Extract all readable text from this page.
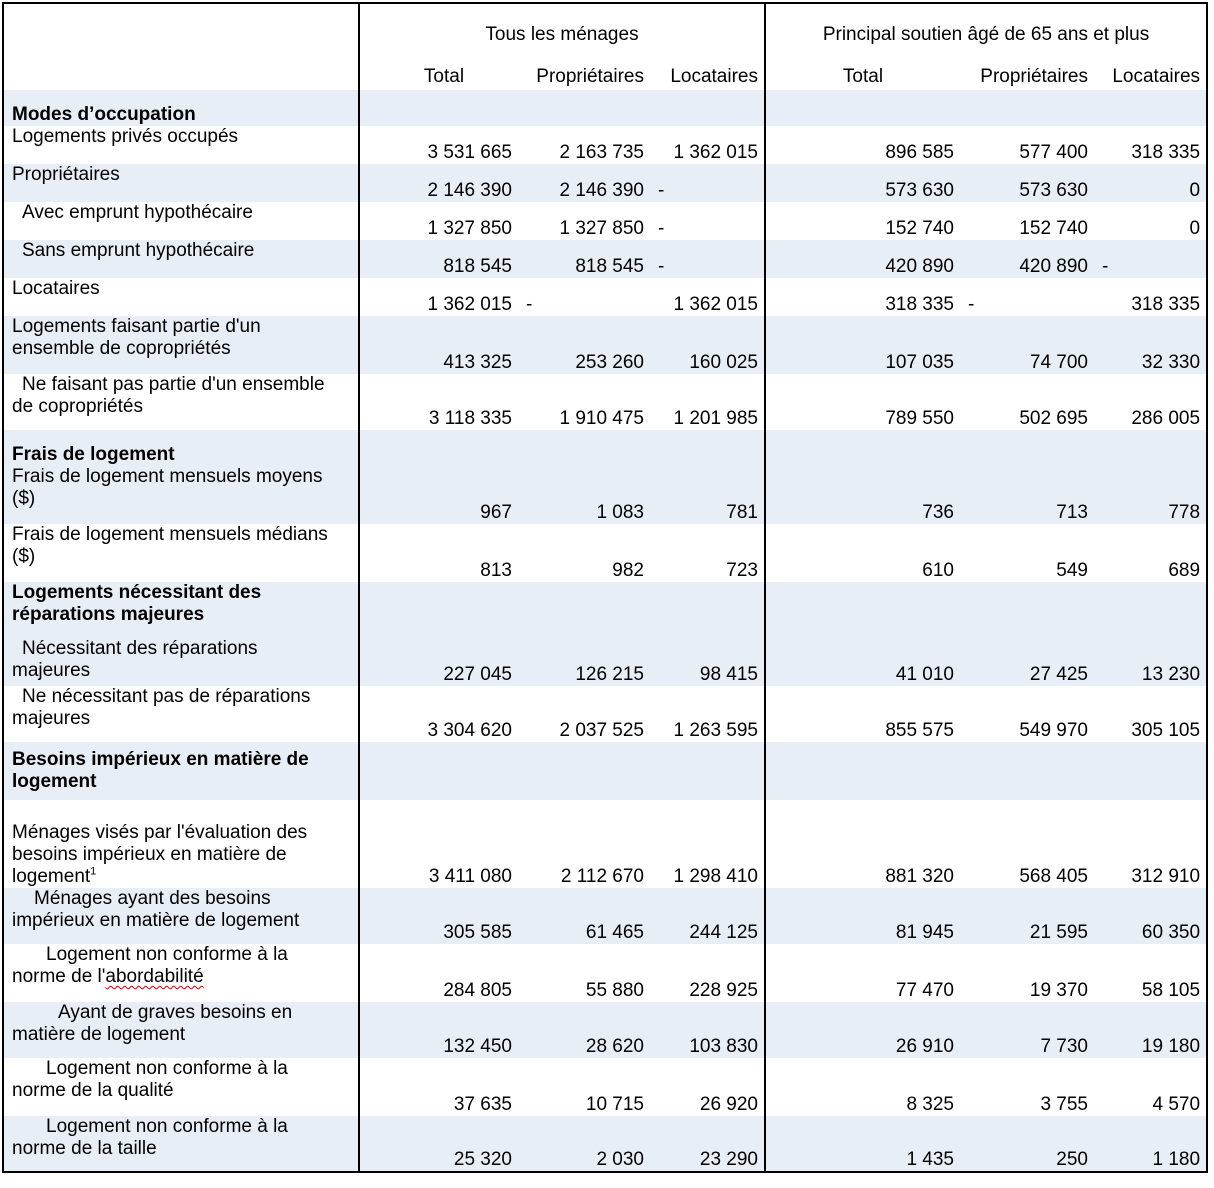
	Tous les ménages			Principal soutien âgé de 65 ans et plus		
	Total	Propriétaires	Locataires	Total	Propriétaires	Locataires
Modes d’occupation						
Logements privés occupés	3 531 665	2 163 735	1 362 015	896 585	577 400	318 335
Propriétaires	2 146 390	2 146 390	-	573 630	573 630	0
Avec emprunt hypothécaire	1 327 850	1 327 850	-	152 740	152 740	0
Sans emprunt hypothécaire	818 545	818 545	-	420 890	420 890	-
Locataires	1 362 015	-	1 362 015	318 335	-	318 335

Logements faisant partie d'un
ensemble de copropriétés	413 325	253 260	160 025	107 035	74 700	32 330

Ne faisant pas partie d'un ensemble
de copropriétés	3 118 335	1 910 475	1 201 985	789 550	502 695	286 005

Frais de logement
Frais de logement mensuels moyens
($)	967	1 083	781	736	713	778

Frais de logement mensuels médians
($)	813	982	723	610	549	689

Logements nécessitant des
réparations majeures
Nécessitant des réparations
majeures	227 045	126 215	98 415	41 010	27 425	13 230

Ne nécessitant pas de réparations
majeures	3 304 620	2 037 525	1 263 595	855 575	549 970	305 105

Besoins impérieux en matière de
logement						

Ménages visés par l'évaluation des
besoins impérieux en matière de
logement$^1$	3 411 080	2 112 670	1 298 410	881 320	568 405	312 910

Ménages ayant des besoins
impérieux en matière de logement	305 585	61 465	244 125	81 945	21 595	60 350

Logement non conforme à la
norme de l'abordabilité	284 805	55 880	228 925	77 470	19 370	58 105

Ayant de graves besoins en
matière de logement	132 450	28 620	103 830	26 910	7 730	19 180

Logement non conforme à la
norme de la qualité	37 635	10 715	26 920	8 325	3 755	4 570

Logement non conforme à la
norme de la taille	25 320	2 030	23 290	1 435	250	1 180
